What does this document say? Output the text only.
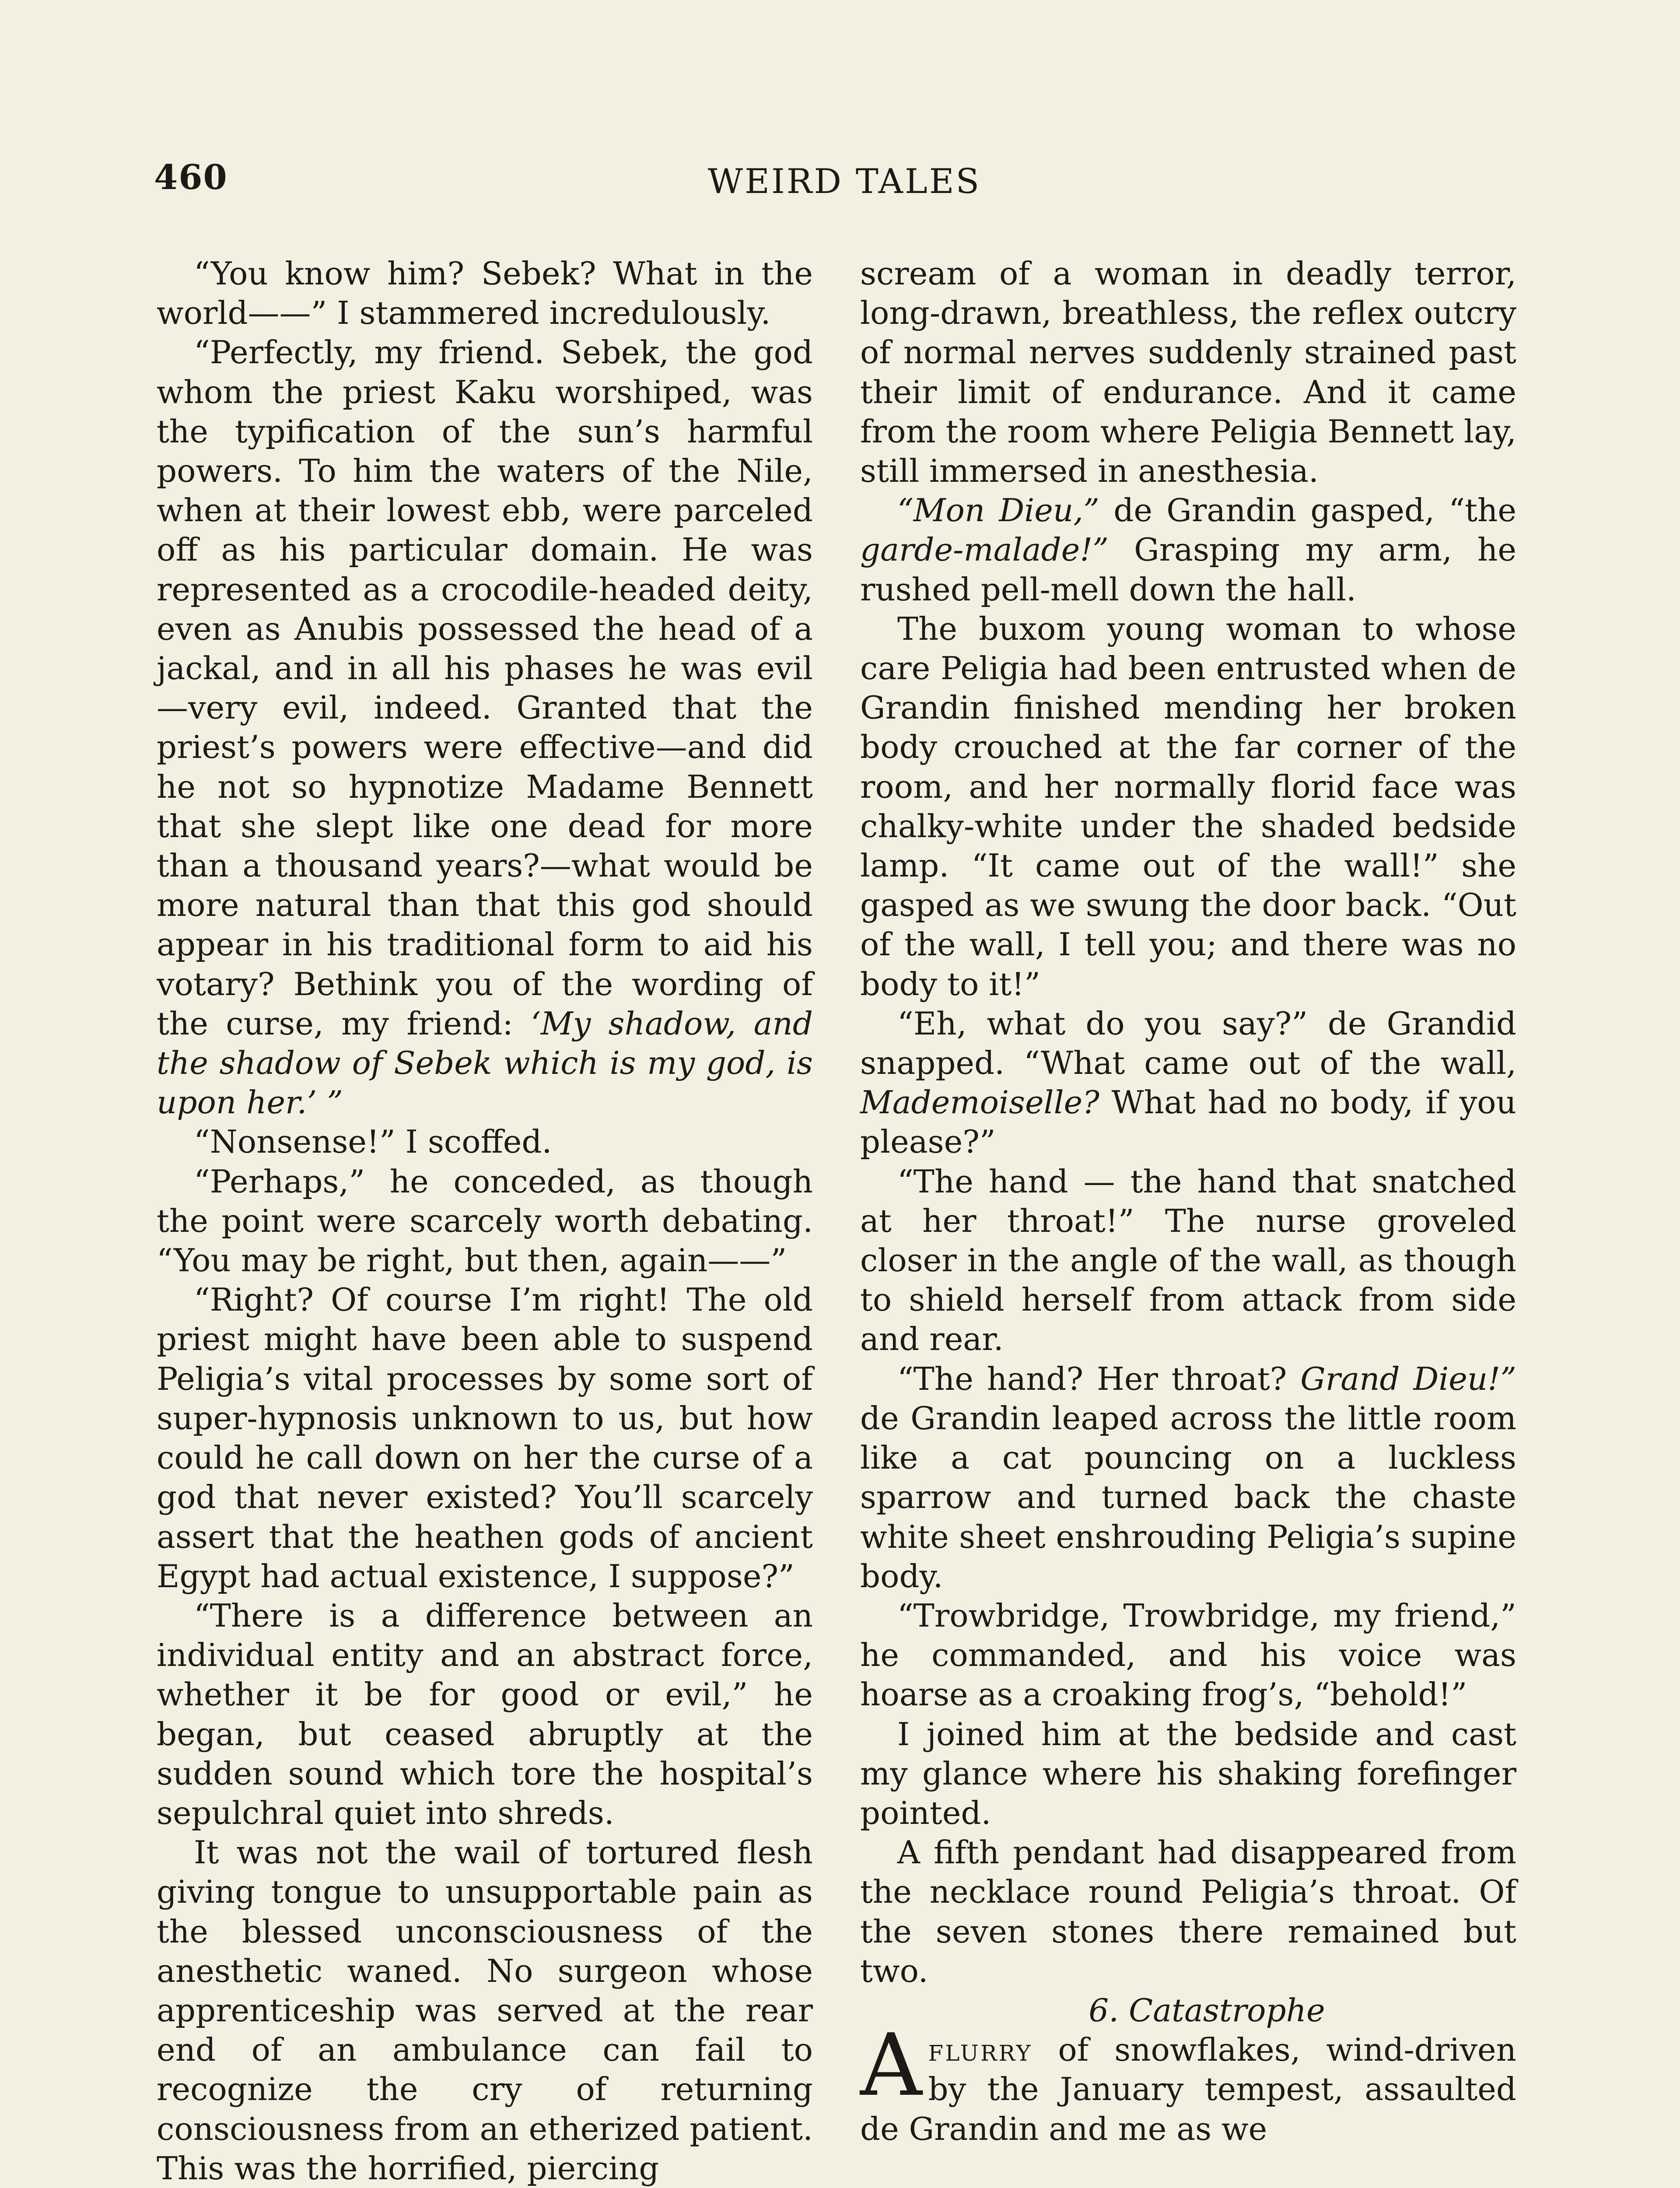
460	WEIRD TALES

“You know him? Sebek? What in the world——” I stammered incredulously.

“Perfectly, my friend. Sebek, the god whom the priest Kaku worshiped, was the typification of the sun’s harmful powers. To him the waters of the Nile, when at their lowest ebb, were parceled off as his particular domain. He was represented as a crocodile-headed deity, even as Anubis possessed the head of a jackal, and in all his phases he was evil—very evil, indeed. Granted that the priest’s powers were effective—and did he not so hypnotize Madame Bennett that she slept like one dead for more than a thousand years?—what would be more natural than that this god should appear in his traditional form to aid his votary? Bethink you of the wording of the curse, my friend: ‘My shadow, and the shadow of Sebek which is my god, is upon her.’ ”

“Nonsense!” I scoffed.

“Perhaps,” he conceded, as though the point were scarcely worth debating. “You may be right, but then, again——”

“Right? Of course I’m right! The old priest might have been able to suspend Peligia’s vital processes by some sort of super-hypnosis unknown to us, but how could he call down on her the curse of a god that never existed? You’ll scarcely assert that the heathen gods of ancient Egypt had actual existence, I suppose?”

“There is a difference between an individual entity and an abstract force, whether it be for good or evil,” he began, but ceased abruptly at the sudden sound which tore the hospital’s sepulchral quiet into shreds.

It was not the wail of tortured flesh giving tongue to unsupportable pain as the blessed unconsciousness of the anesthetic waned. No surgeon whose apprenticeship was served at the rear end of an ambulance can fail to recognize the cry of returning consciousness from an etherized patient. This was the horrified, piercing

scream of a woman in deadly terror, long-drawn, breathless, the reflex outcry of normal nerves suddenly strained past their limit of endurance. And it came from the room where Peligia Bennett lay, still immersed in anesthesia.

“Mon Dieu,” de Grandin gasped, “the garde-malade!” Grasping my arm, he rushed pell-mell down the hall.

The buxom young woman to whose care Peligia had been entrusted when de Grandin finished mending her broken body crouched at the far corner of the room, and her normally florid face was chalky-white under the shaded bedside lamp. “It came out of the wall!” she gasped as we swung the door back. “Out of the wall, I tell you; and there was no body to it!”

“Eh, what do you say?” de Grandid snapped. “What came out of the wall, Mademoiselle? What had no body, if you please?”

“The hand — the hand that snatched at her throat!” The nurse groveled closer in the angle of the wall, as though to shield herself from attack from side and rear.

“The hand? Her throat? Grand Dieu!” de Grandin leaped across the little room like a cat pouncing on a luckless sparrow and turned back the chaste white sheet enshrouding Peligia’s supine body.

“Trowbridge, Trowbridge, my friend,” he commanded, and his voice was hoarse as a croaking frog’s, “behold!”

I joined him at the bedside and cast my glance where his shaking forefinger pointed.

A fifth pendant had disappeared from the necklace round Peligia’s throat. Of the seven stones there remained but two.

6. Catastrophe

Aflurry of snowflakes, wind-driven by the January tempest, assaulted de Grandin and me as we
